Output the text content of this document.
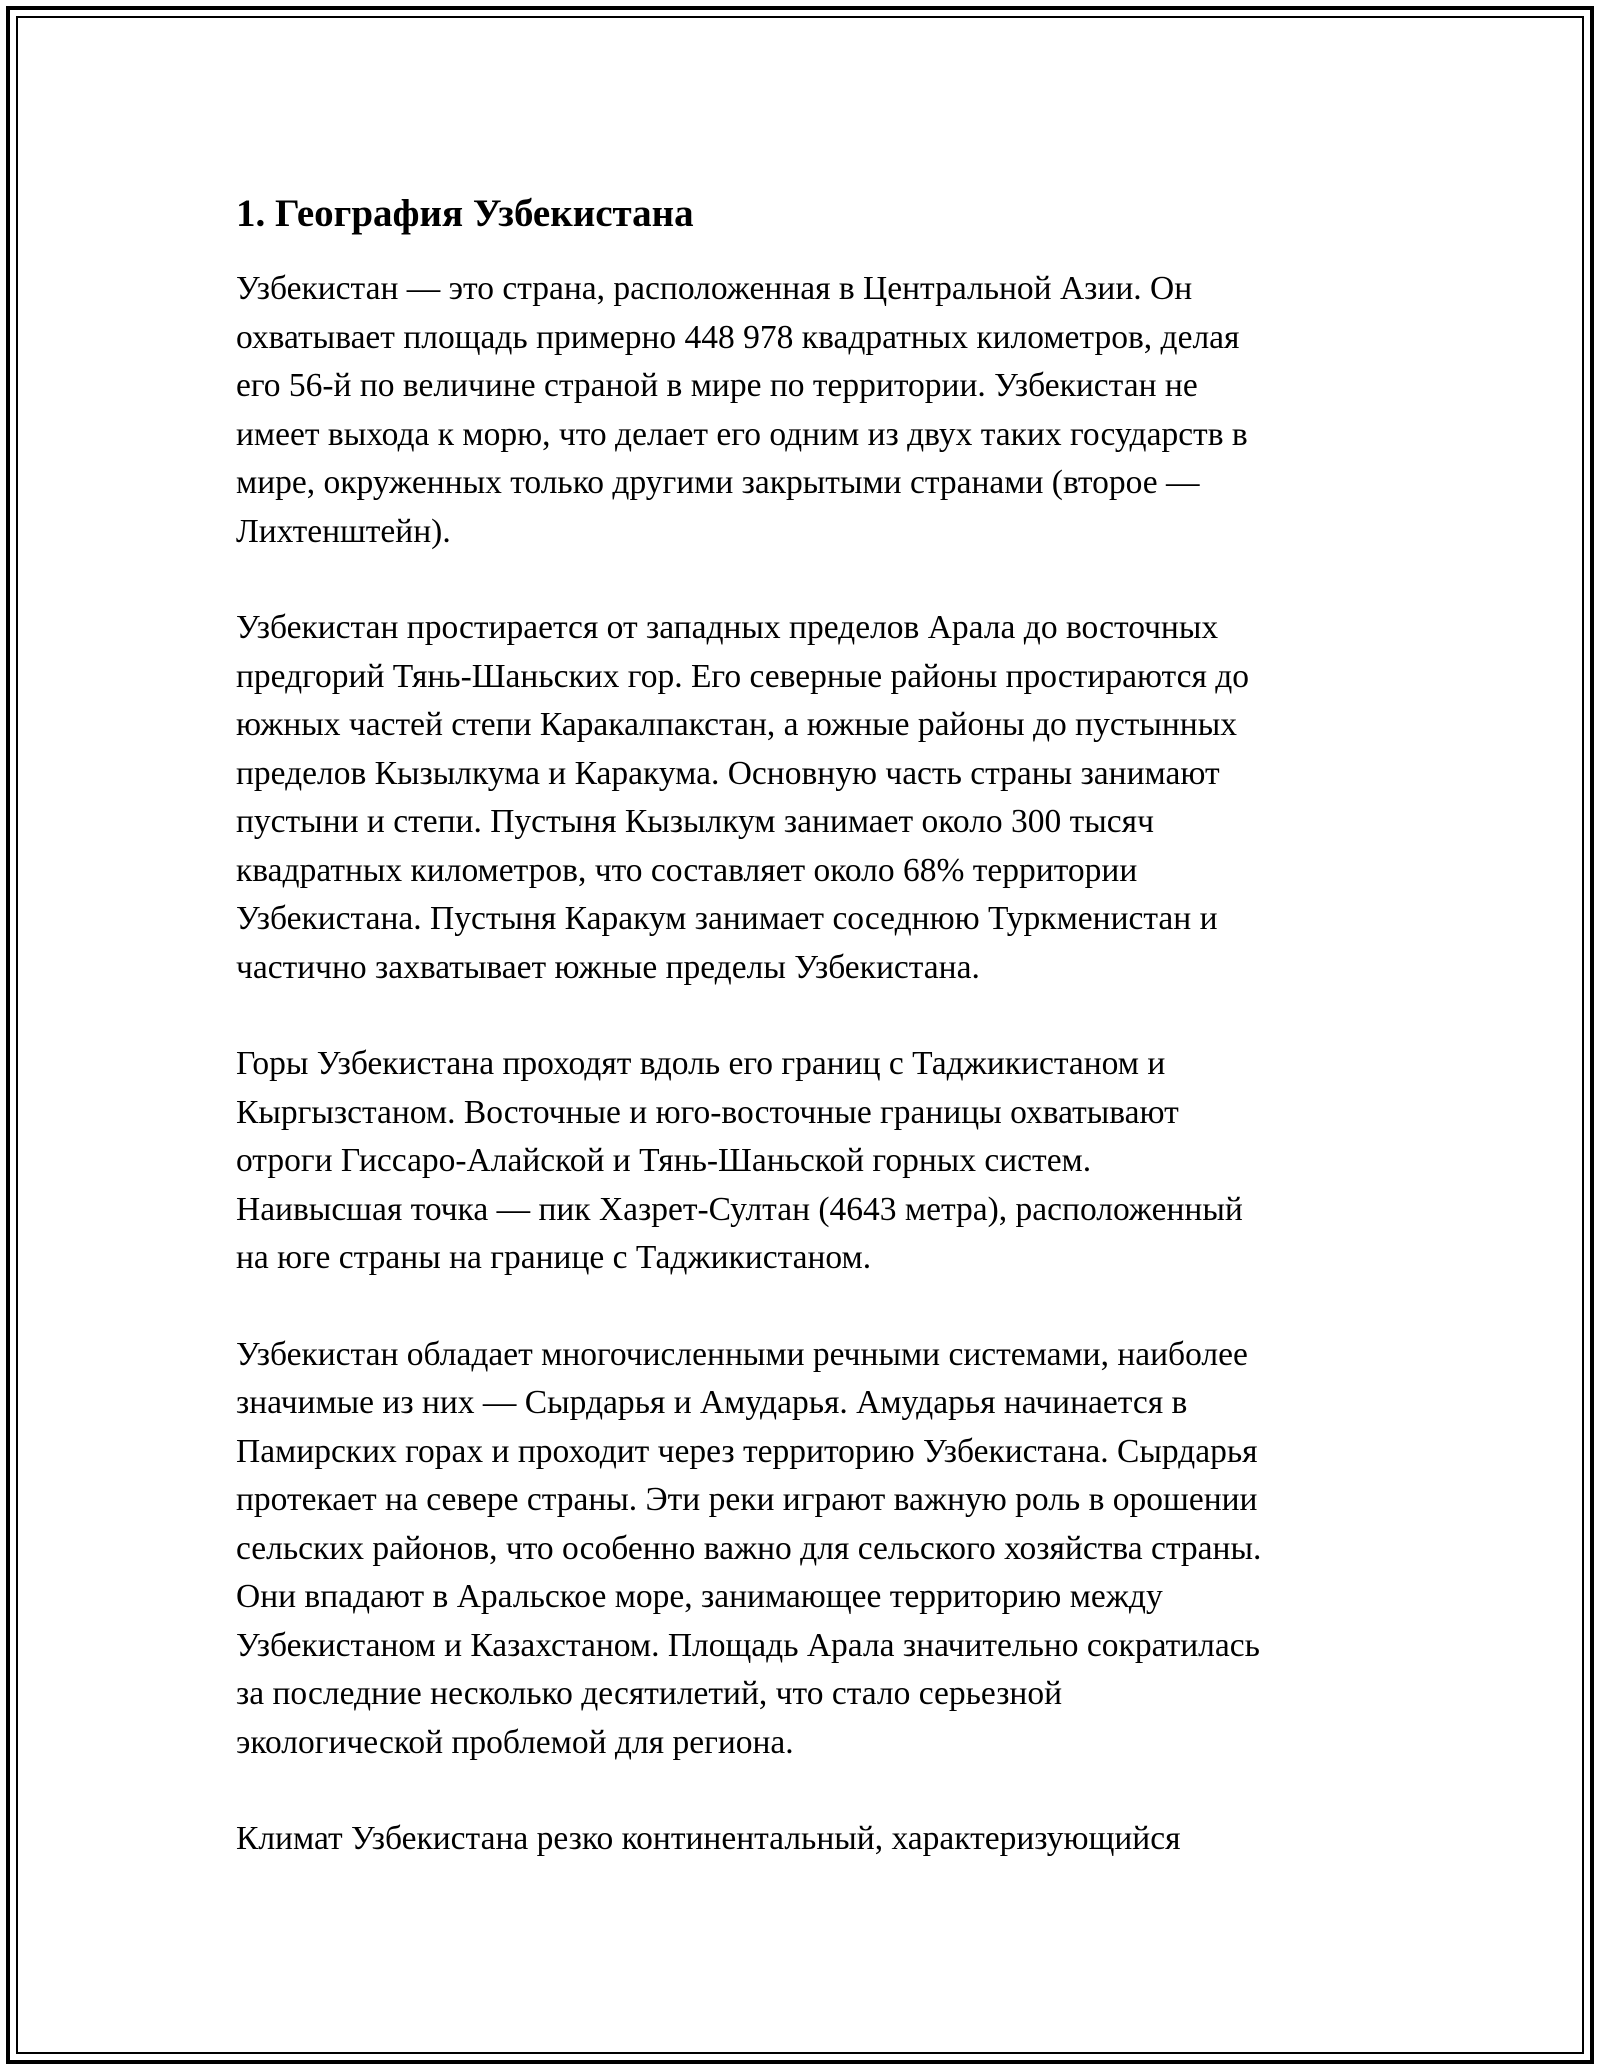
1. География Узбекистана

Узбекистан — это страна, расположенная в Центральной Азии. Он
охватывает площадь примерно 448 978 квадратных километров, делая
его 56-й по величине страной в мире по территории. Узбекистан не
имеет выхода к морю, что делает его одним из двух таких государств в
мире, окруженных только другими закрытыми странами (второе —
Лихтенштейн).

Узбекистан простирается от западных пределов Арала до восточных
предгорий Тянь-Шаньских гор. Его северные районы простираются до
южных частей степи Каракалпакстан, а южные районы до пустынных
пределов Кызылкума и Каракума. Основную часть страны занимают
пустыни и степи. Пустыня Кызылкум занимает около 300 тысяч
квадратных километров, что составляет около 68% территории
Узбекистана. Пустыня Каракум занимает соседнюю Туркменистан и
частично захватывает южные пределы Узбекистана.

Горы Узбекистана проходят вдоль его границ с Таджикистаном и
Кыргызстаном. Восточные и юго-восточные границы охватывают
отроги Гиссаро-Алайской и Тянь-Шаньской горных систем.
Наивысшая точка — пик Хазрет-Султан (4643 метра), расположенный
на юге страны на границе с Таджикистаном.

Узбекистан обладает многочисленными речными системами, наиболее
значимые из них — Сырдарья и Амударья. Амударья начинается в
Памирских горах и проходит через территорию Узбекистана. Сырдарья
протекает на севере страны. Эти реки играют важную роль в орошении
сельских районов, что особенно важно для сельского хозяйства страны.
Они впадают в Аральское море, занимающее территорию между
Узбекистаном и Казахстаном. Площадь Арала значительно сократилась
за последние несколько десятилетий, что стало серьезной
экологической проблемой для региона.

Климат Узбекистана резко континентальный, характеризующийся
